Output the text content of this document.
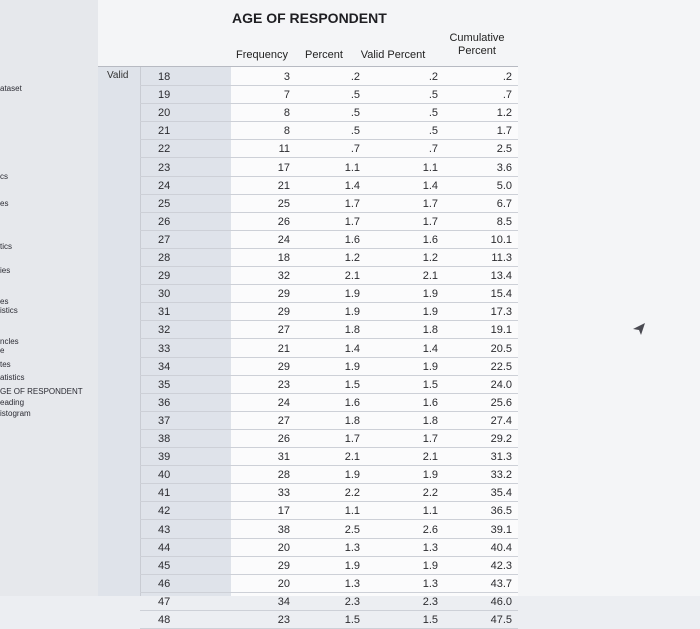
ataset
cs
es
tics
ies
es
istics
ncles
e
tes
atistics
GE OF RESPONDENT
eading
istogram
AGE OF RESPONDENT
Frequency	Percent	Valid Percent
Cumulative Percent
Valid	18	3	.2	.2	.2
19	7	.5	.5	.7
20	8	.5	.5	1.2
21	8	.5	.5	1.7
22	11	.7	.7	2.5
23	17	1.1	1.1	3.6
24	21	1.4	1.4	5.0
25	25	1.7	1.7	6.7
26	26	1.7	1.7	8.5
27	24	1.6	1.6	10.1
28	18	1.2	1.2	11.3
29	32	2.1	2.1	13.4
30	29	1.9	1.9	15.4
31	29	1.9	1.9	17.3
32	27	1.8	1.8	19.1
33	21	1.4	1.4	20.5
34	29	1.9	1.9	22.5
35	23	1.5	1.5	24.0
36	24	1.6	1.6	25.6
37	27	1.8	1.8	27.4
38	26	1.7	1.7	29.2
39	31	2.1	2.1	31.3
40	28	1.9	1.9	33.2
41	33	2.2	2.2	35.4
42	17	1.1	1.1	36.5
43	38	2.5	2.6	39.1
44	20	1.3	1.3	40.4
45	29	1.9	1.9	42.3
46	20	1.3	1.3	43.7
47	34	2.3	2.3	46.0
48	23	1.5	1.5	47.5
